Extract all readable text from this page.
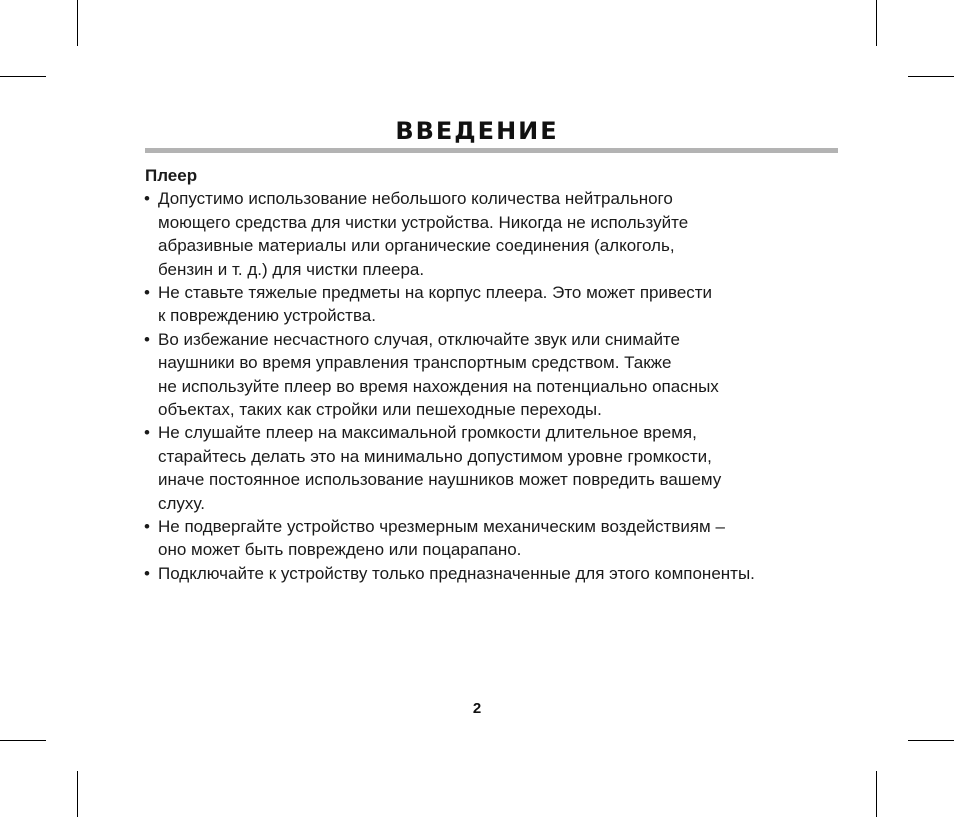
ВВЕДЕНИЕ
Плеер
• Допустимо использование небольшого количества нейтрального
моющего средства для чистки устройства. Никогда не используйте
абразивные материалы или органические соединения (алкоголь,
бензин и т. д.) для чистки плеера.
• Не ставьте тяжелые предметы на корпус плеера. Это может привести
к повреждению устройства.
• Во избежание несчастного случая, отключайте звук или снимайте
наушники во время управления транспортным средством. Также
не используйте плеер во время нахождения на потенциально опасных
объектах, таких как стройки или пешеходные переходы.
• Не слушайте плеер на максимальной громкости длительное время,
старайтесь делать это на минимально допустимом уровне громкости,
иначе постоянное использование наушников может повредить вашему
слуху.
• Не подвергайте устройство чрезмерным механическим воздействиям –
оно может быть повреждено или поцарапано.
• Подключайте к устройству только предназначенные для этого компоненты.
2
